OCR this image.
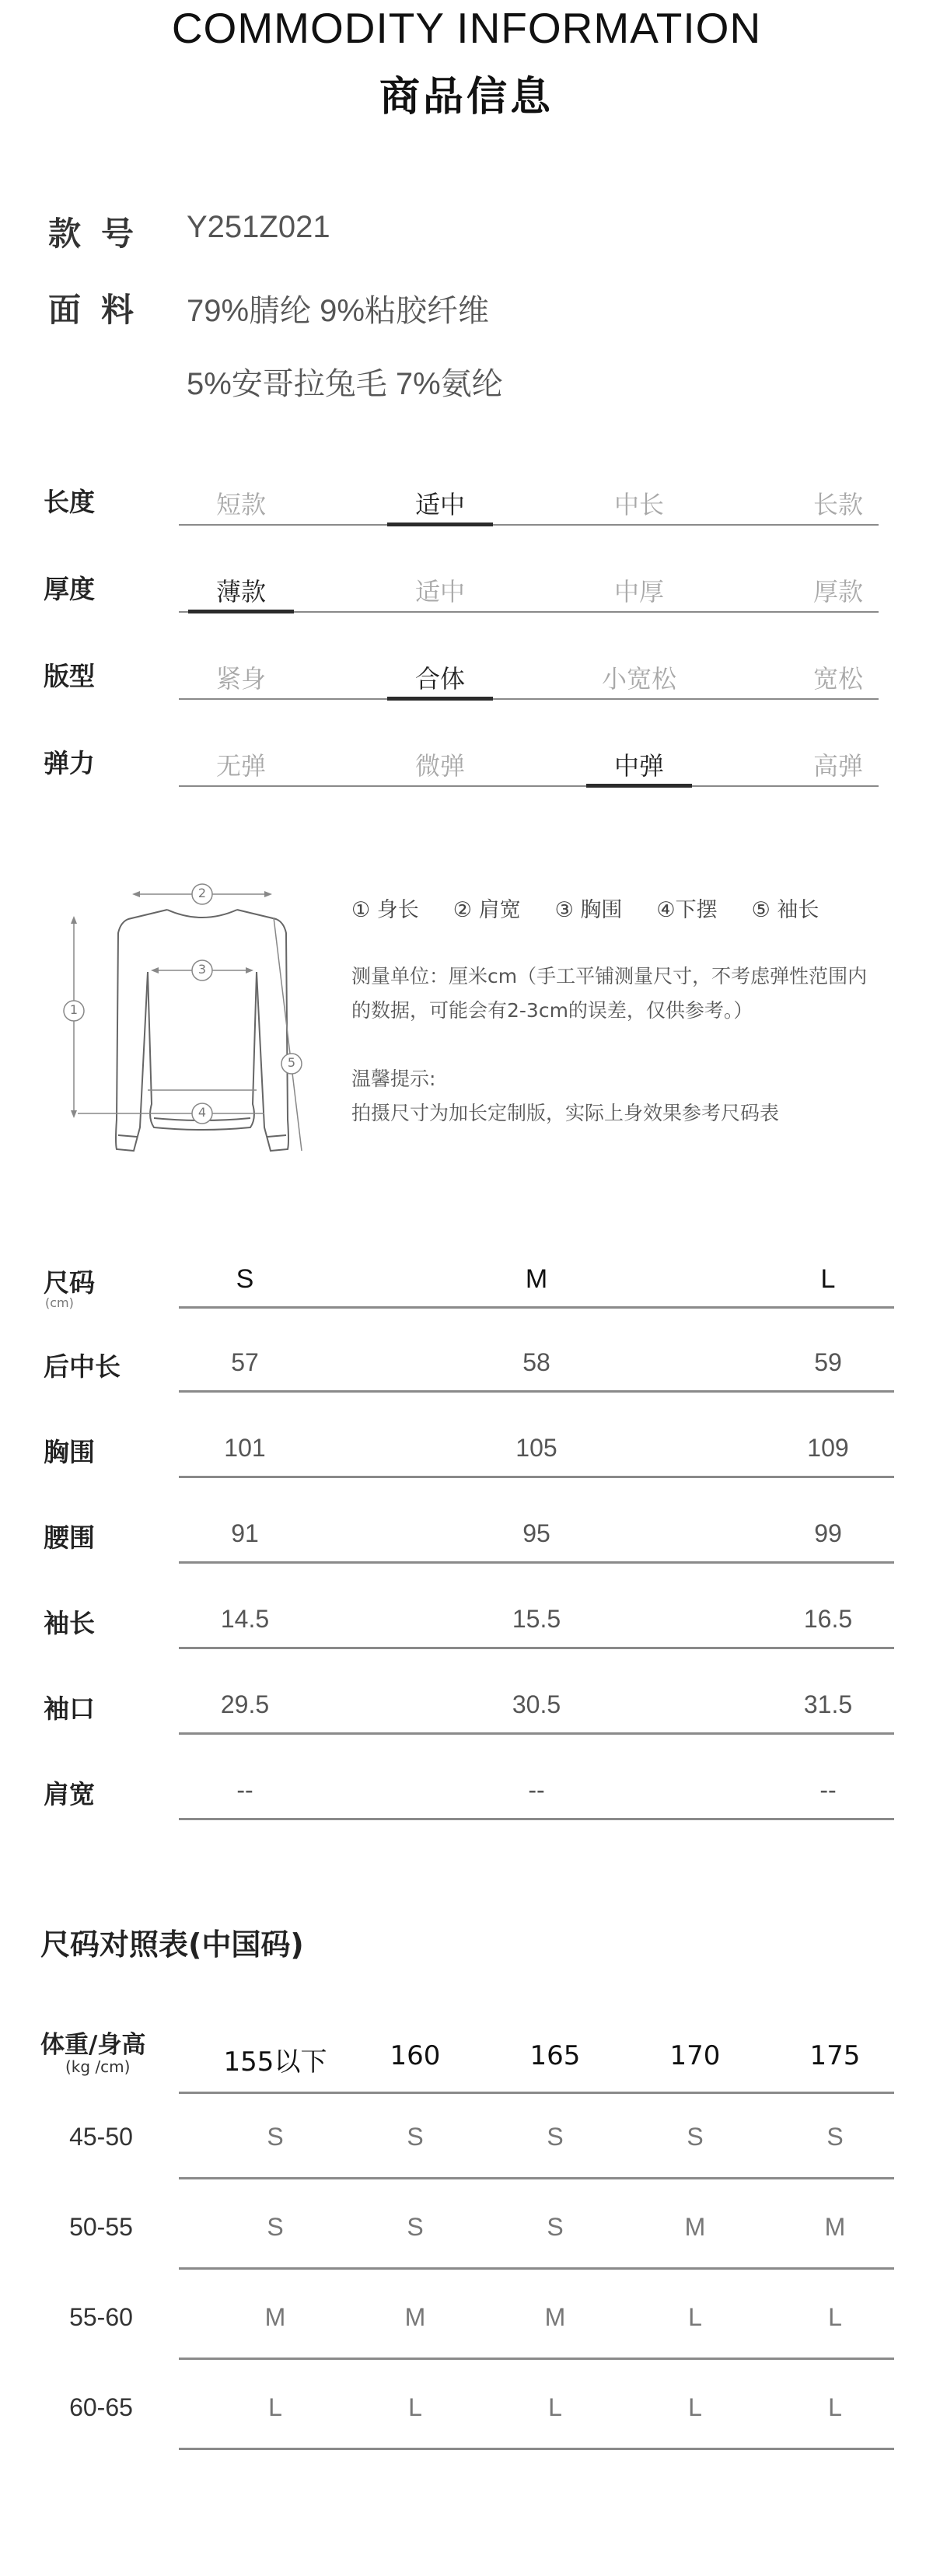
COMMODITY INFORMATION
商品信息
款号 Y251Z021
面料 79%腈纶 9%粘胶纤维
5%安哥拉兔毛 7%氨纶
长度	短款	适中	中长	长款
厚度	薄款	适中	中厚	厚款
版型	紧身	合体	小宽松	宽松
弹力	无弹	微弹	中弹	高弹
1
2
3
4
5
① 身长 ② 肩宽 ③ 胸围 ④下摆 ⑤ 袖长
测量单位：厘米cm（手工平铺测量尺寸，不考虑弹性范围内
的数据，可能会有2-3cm的误差，仅供参考。）
温馨提示:
拍摄尺寸为加长定制版，实际上身效果参考尺码表
尺码
(cm)
S	M	L
后中长	57	58	59
胸围	101	105	109
腰围	91	95	99
袖长	14.5	15.5	16.5
袖口	29.5	30.5	31.5
肩宽	--	--	--
尺码对照表(中国码)
体重/身高
(kg /cm)	155以下	160	165	170	175
45-50	S	S	S	S	S
50-55	S	S	S	M	M
55-60	M	M	M	L	L
60-65	L	L	L	L	L
